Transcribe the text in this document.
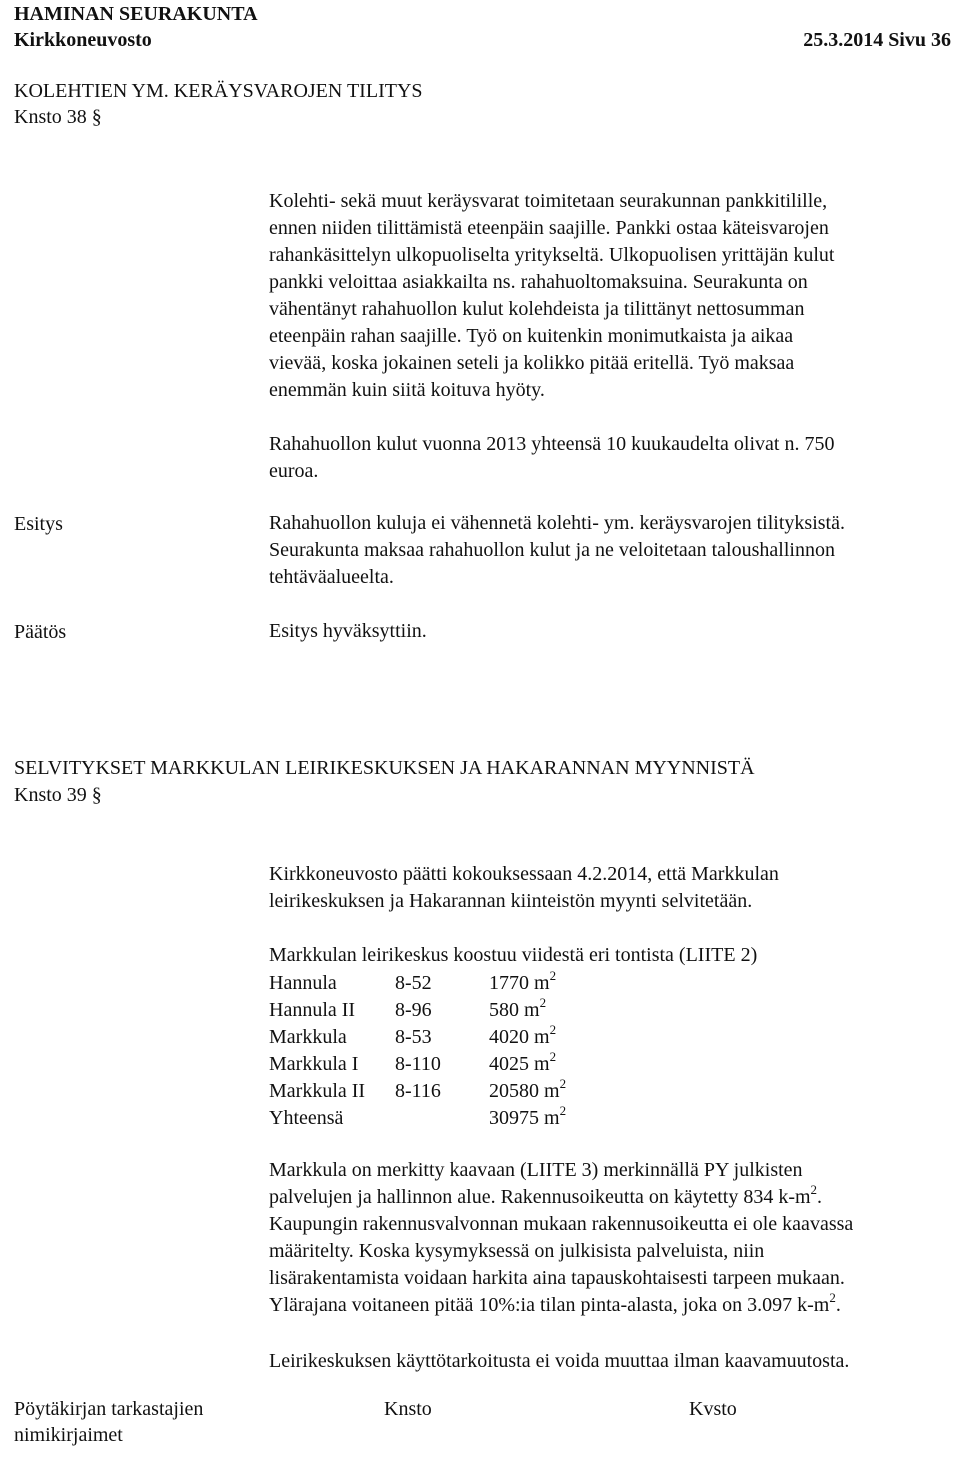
HAMINAN SEURAKUNTA
Kirkkoneuvosto	25.3.2014 Sivu 36
KOLEHTIEN YM. KERÄYSVAROJEN TILITYS
Knsto 38 §
Kolehti- sekä muut keräysvarat toimitetaan seurakunnan pankkitilille,
ennen niiden tilittämistä eteenpäin saajille. Pankki ostaa käteisvarojen
rahankäsittelyn ulkopuoliselta yritykseltä. Ulkopuolisen yrittäjän kulut
pankki veloittaa asiakkailta ns. rahahuoltomaksuina. Seurakunta on
vähentänyt rahahuollon kulut kolehdeista ja tilittänyt nettosumman
eteenpäin rahan saajille. Työ on kuitenkin monimutkaista ja aikaa
vievää, koska jokainen seteli ja kolikko pitää eritellä. Työ maksaa
enemmän kuin siitä koituva hyöty.
Rahahuollon kulut vuonna 2013 yhteensä 10 kuukaudelta olivat n. 750
euroa.
Esitys	Rahahuollon kuluja ei vähennetä kolehti- ym. keräysvarojen tilityksistä.
Seurakunta maksaa rahahuollon kulut ja ne veloitetaan taloushallinnon
tehtäväalueelta.
Päätös	Esitys hyväksyttiin.
SELVITYKSET MARKKULAN LEIRIKESKUKSEN JA HAKARANNAN MYYNNISTÄ
Knsto 39 §
Kirkkoneuvosto päätti kokouksessaan 4.2.2014, että Markkulan
leirikeskuksen ja Hakarannan kiinteistön myynti selvitetään.
Markkulan leirikeskus koostuu viidestä eri tontista (LIITE 2)
Hannula	8-52	1770 $m^2$
Hannula II	8-96	580 $m^2$
Markkula	8-53	4020 $m^2$
Markkula I	8-110	4025 $m^2$
Markkula II	8-116	20580 $m^2$
Yhteensä		30975 $m^2$
Markkula on merkitty kaavaan (LIITE 3) merkinnällä PY julkisten
palvelujen ja hallinnon alue. Rakennusoikeutta on käytetty 834 $k-m^2$.
Kaupungin rakennusvalvonnan mukaan rakennusoikeutta ei ole kaavassa
määritelty. Koska kysymyksessä on julkisista palveluista, niin
lisärakentamista voidaan harkita aina tapauskohtaisesti tarpeen mukaan.
Ylärajana voitaneen pitää 10%:ia tilan pinta-alasta, joka on 3.097 $k-m^2$.
Leirikeskuksen käyttötarkoitusta ei voida muuttaa ilman kaavamuutosta.
Pöytäkirjan tarkastajien
nimikirjaimet
Knsto	Kvsto
